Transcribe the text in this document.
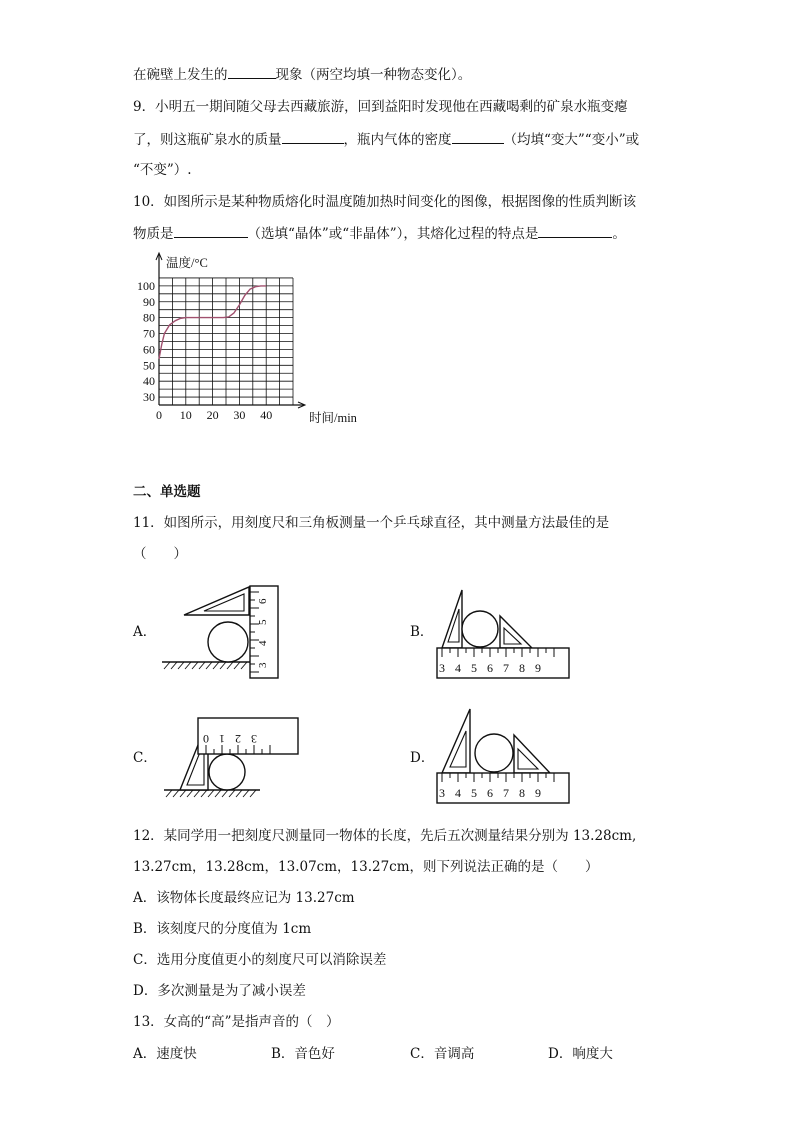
在碗壁上发生的	现象（两空均填一种物态变化）。
9．小明五一期间随父母去西藏旅游，回到益阳时发现他在西藏喝剩的矿泉水瓶变瘪
了，则这瓶矿泉水的质量	，瓶内气体的密度	（均填“变大”“变小”或
“不变”）.
10．如图所示是某种物质熔化时温度随加热时间变化的图像，根据图像的性质判断该
物质是	（选填“晶体”或“非晶体”），其熔化过程的特点是	。
0 10 20 30 40
30
40
50
60
70
80
90
100
温度/°C
时间/min
二、单选题
11．如图所示，用刻度尺和三角板测量一个乒乓球直径，其中测量方法最佳的是
（　　）
A．
6
5
4
3
B．
3 4 5 6 7 8 9
C．
0 1 2 3
D．
3 4 5 6 7 8 9
12．某同学用一把刻度尺测量同一物体的长度，先后五次测量结果分别为 13.28cm,
13.27cm，13.28cm，13.07cm，13.27cm，则下列说法正确的是（　　）
A．该物体长度最终应记为 13.27cm
B．该刻度尺的分度值为 1cm
C．选用分度值更小的刻度尺可以消除误差
D．多次测量是为了减小误差
13．女高的“高”是指声音的（　）
A．速度快	B．音色好	C．音调高	D．响度大
